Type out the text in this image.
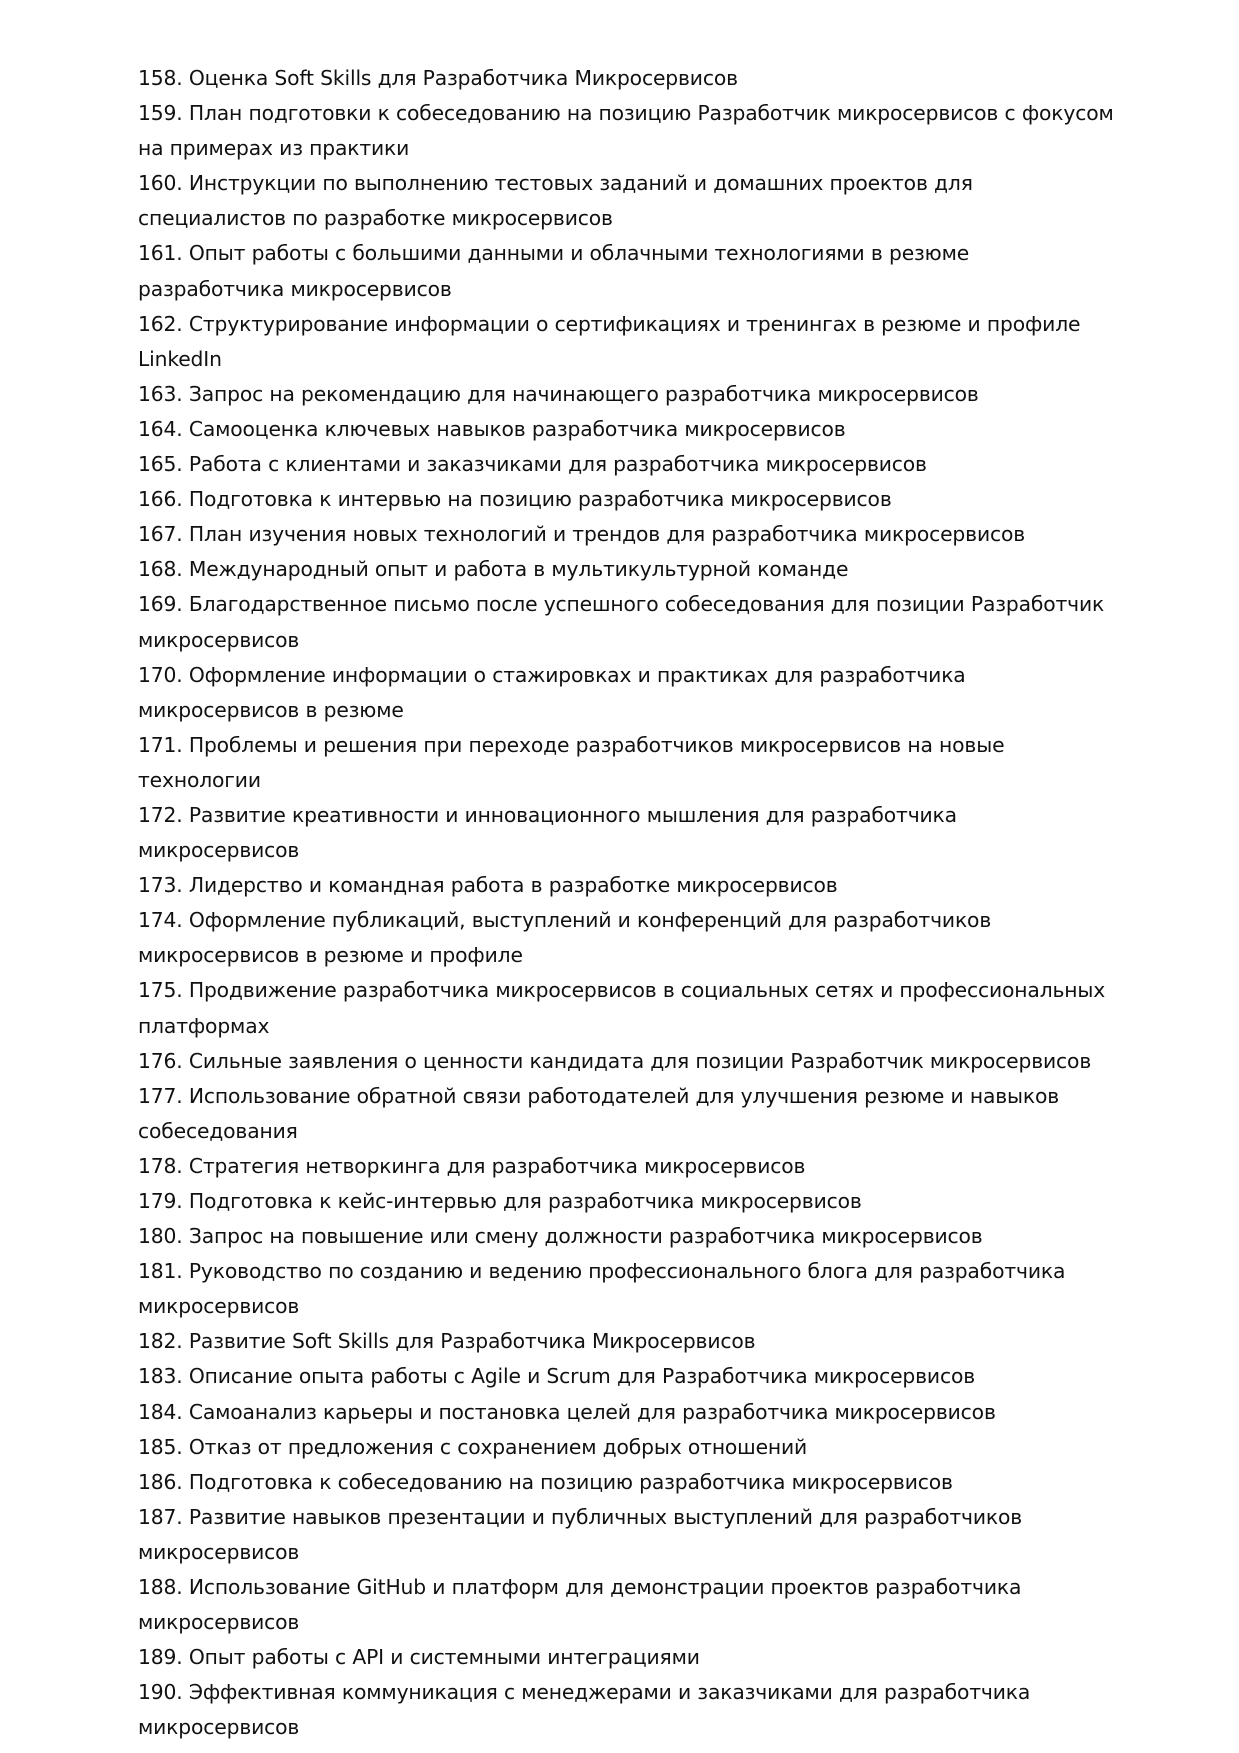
158. Оценка Soft Skills для Разработчика Микросервисов
159. План подготовки к собеседованию на позицию Разработчик микросервисов с фокусом на примерах из практики
160. Инструкции по выполнению тестовых заданий и домашних проектов для специалистов по разработке микросервисов
161. Опыт работы с большими данными и облачными технологиями в резюме разработчика микросервисов
162. Структурирование информации о сертификациях и тренингах в резюме и профиле LinkedIn
163. Запрос на рекомендацию для начинающего разработчика микросервисов
164. Самооценка ключевых навыков разработчика микросервисов
165. Работа с клиентами и заказчиками для разработчика микросервисов
166. Подготовка к интервью на позицию разработчика микросервисов
167. План изучения новых технологий и трендов для разработчика микросервисов
168. Международный опыт и работа в мультикультурной команде
169. Благодарственное письмо после успешного собеседования для позиции Разработчик микросервисов
170. Оформление информации о стажировках и практиках для разработчика микросервисов в резюме
171. Проблемы и решения при переходе разработчиков микросервисов на новые технологии
172. Развитие креативности и инновационного мышления для разработчика микросервисов
173. Лидерство и командная работа в разработке микросервисов
174. Оформление публикаций, выступлений и конференций для разработчиков микросервисов в резюме и профиле
175. Продвижение разработчика микросервисов в социальных сетях и профессиональных платформах
176. Сильные заявления о ценности кандидата для позиции Разработчик микросервисов
177. Использование обратной связи работодателей для улучшения резюме и навыков собеседования
178. Стратегия нетворкинга для разработчика микросервисов
179. Подготовка к кейс-интервью для разработчика микросервисов
180. Запрос на повышение или смену должности разработчика микросервисов
181. Руководство по созданию и ведению профессионального блога для разработчика микросервисов
182. Развитие Soft Skills для Разработчика Микросервисов
183. Описание опыта работы с Agile и Scrum для Разработчика микросервисов
184. Самоанализ карьеры и постановка целей для разработчика микросервисов
185. Отказ от предложения с сохранением добрых отношений
186. Подготовка к собеседованию на позицию разработчика микросервисов
187. Развитие навыков презентации и публичных выступлений для разработчиков микросервисов
188. Использование GitHub и платформ для демонстрации проектов разработчика микросервисов
189. Опыт работы с API и системными интеграциями
190. Эффективная коммуникация с менеджерами и заказчиками для разработчика микросервисов
